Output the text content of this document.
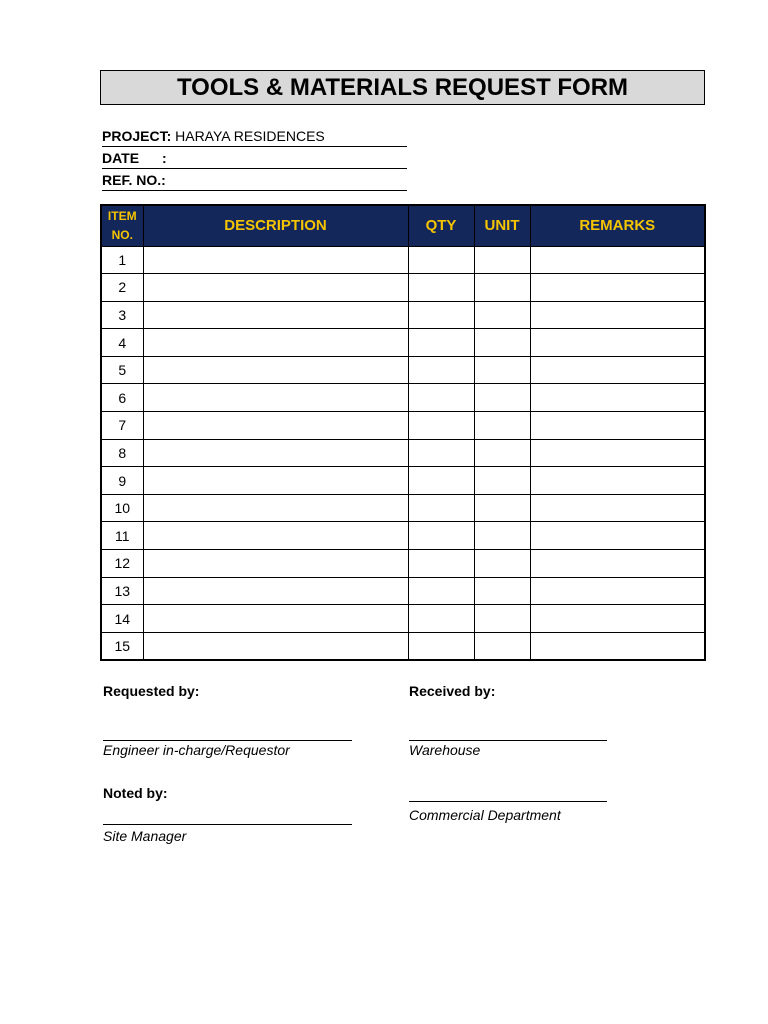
TOOLS & MATERIALS REQUEST FORM
PROJECT: HARAYA RESIDENCES
DATE :
REF. NO.:
ITEM
NO.	DESCRIPTION	QTY	UNIT	REMARKS
1				
2				
3				
4				
5				
6				
7				
8				
9				
10				
11				
12				
13				
14				
15				
Requested by:
Engineer in-charge/Requestor
Received by:
Warehouse
Noted by:
Site Manager
Commercial Department
